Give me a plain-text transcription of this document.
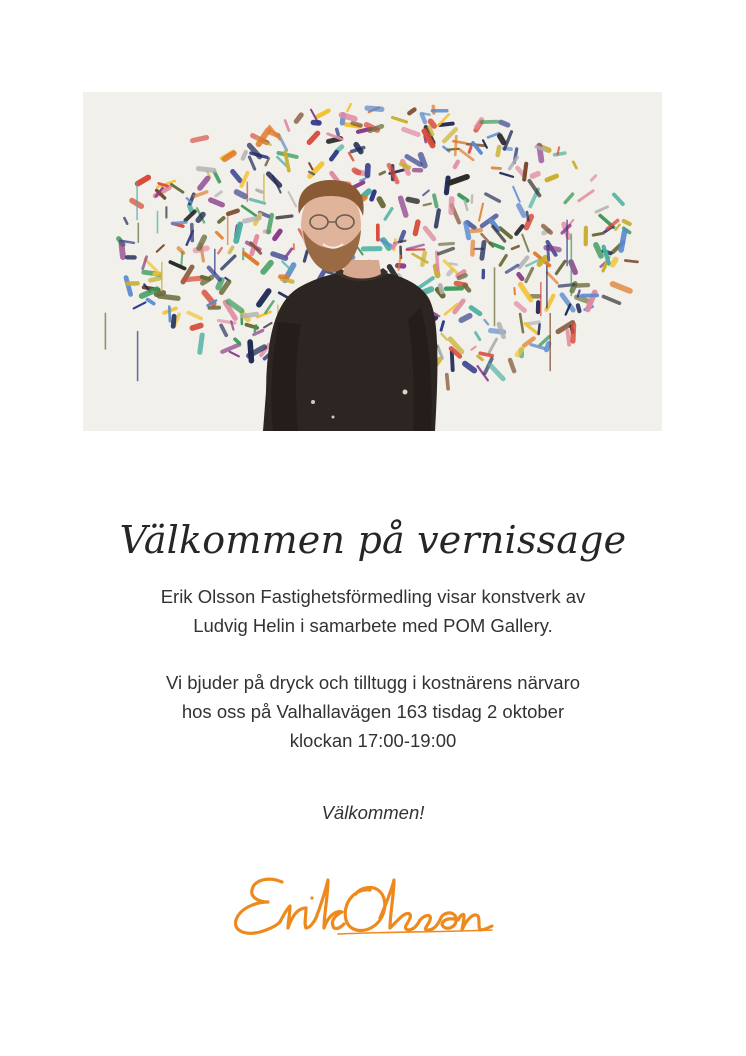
Välkommen på vernissage
Erik Olsson Fastighetsförmedling visar konstverk av
Ludvig Helin i samarbete med POM Gallery.
Vi bjuder på dryck och tilltugg i kostnärens närvaro
hos oss på Valhallavägen 163 tisdag 2 oktober
klockan 17:00-19:00
Välkommen!
